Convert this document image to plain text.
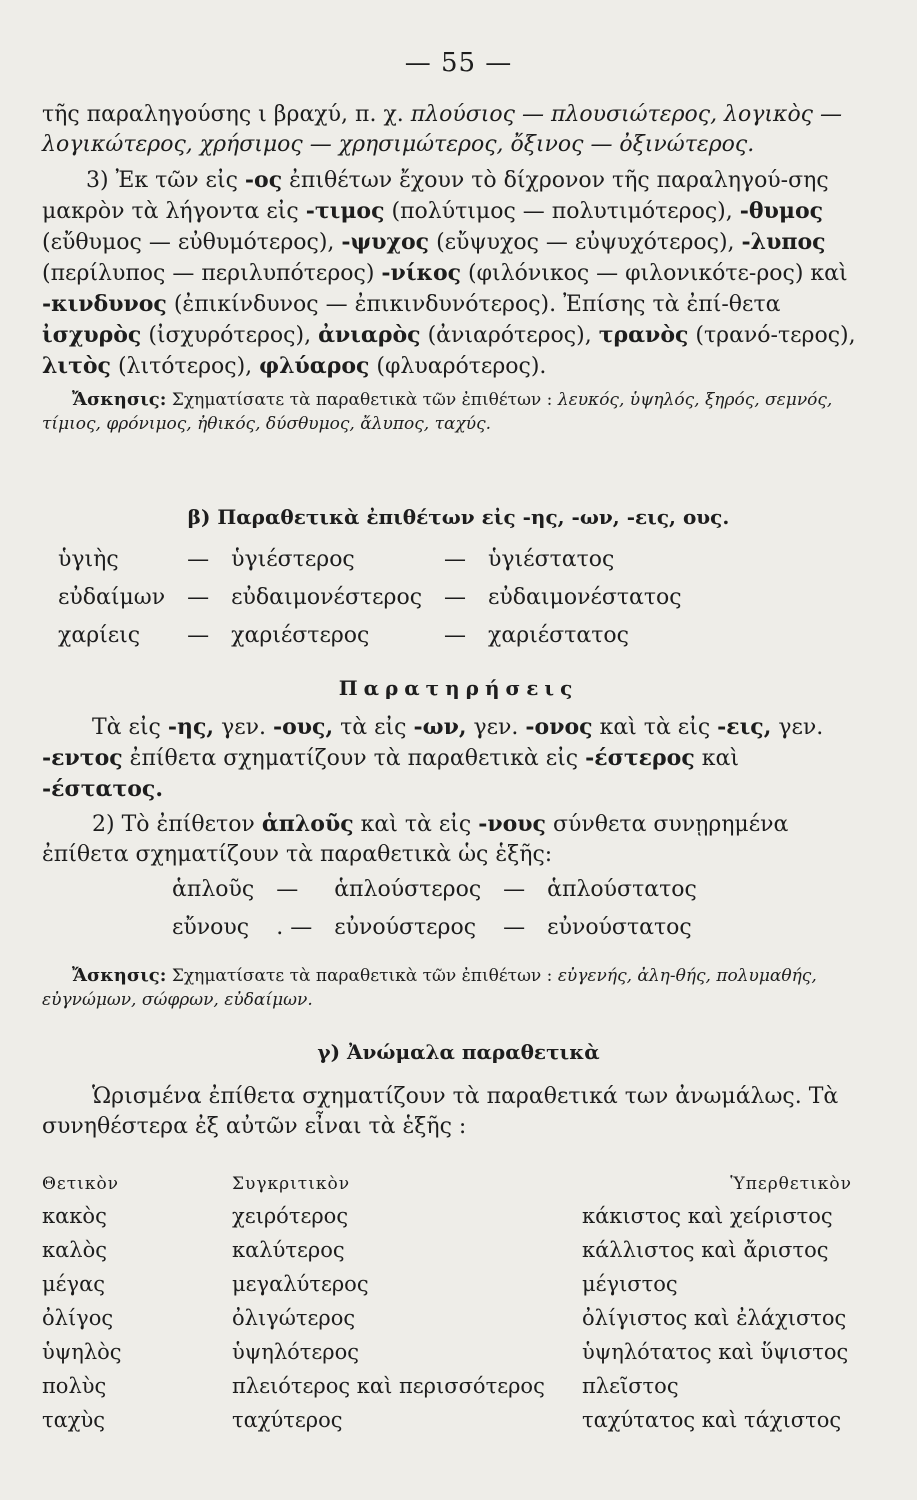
— 55 —

τῆς παραληγούσης ι βραχύ, π. χ. πλούσιος — πλουσιώτερος, λογικὸς — λογικώτερος, χρήσιμος — χρησιμώτερος, ὄξινος — ὀξινώτερος.

3) Ἐκ τῶν εἰς -ος ἐπιθέτων ἔχουν τὸ δίχρονον τῆς παραληγού-σης μακρὸν τὰ λήγοντα εἰς -τιμος (πολύτιμος — πολυτιμότερος), -θυμος (εὔθυμος — εὐθυμότερος), -ψυχος (εὔψυχος — εὐψυχότερος), -λυπος (περίλυπος — περιλυπότερος) -νίκος (φιλόνικος — φιλονικότε-ρος) καὶ -κινδυνος (ἐπικίνδυνος — ἐπικινδυνότερος). Ἐπίσης τὰ ἐπί-θετα ἰσχυρὸς (ἰσχυρότερος), ἀνιαρὸς (ἀνιαρότερος), τρανὸς (τρανό-τερος), λιτὸς (λιτότερος), φλύαρος (φλυαρότερος).

Ἄσκησις: Σχηματίσατε τὰ παραθετικὰ τῶν ἐπιθέτων : λευκός, ὑψηλός, ξηρός, σεμνός, τίμιος, φρόνιμος, ἠθικός, δύσθυμος, ἄλυπος, ταχύς.

β) Παραθετικὰ ἐπιθέτων εἰς -ης, -ων, -εις, ους.
ὑγιὴς	—	ὑγιέστερος	—	ὑγιέστατος
εὐδαίμων	—	εὐδαιμονέστερος	—	εὐδαιμονέστατος
χαρίεις	—	χαριέστερος	—	χαριέστατος
Παρατηρήσεις

Τὰ εἰς -ης, γεν. -ους, τὰ εἰς -ων, γεν. -ονος καὶ τὰ εἰς -εις, γεν. -εντος ἐπίθετα σχηματίζουν τὰ παραθετικὰ εἰς -έστερος καὶ -έστατος.

2) Τὸ ἐπίθετον ἁπλοῦς καὶ τὰ εἰς -νους σύνθετα συνῃρημένα ἐπίθετα σχηματίζουν τὰ παραθετικὰ ὡς ἑξῆς:

ἁπλοῦς	—	ἁπλούστερος	—	ἁπλούστατος
εὔνους	. —	εὐνούστερος	—	εὐνούστατος

Ἄσκησις: Σχηματίσατε τὰ παραθετικὰ τῶν ἐπιθέτων : εὐγενής, ἀλη-θής, πολυμαθής, εὐγνώμων, σώφρων, εὐδαίμων.

γ) Ἀνώμαλα παραθετικὰ

Ὡρισμένα ἐπίθετα σχηματίζουν τὰ παραθετικά των ἀνωμάλως. Τὰ συνηθέστερα ἐξ αὐτῶν εἶναι τὰ ἑξῆς :

Θετικὸν	Συγκριτικὸν	Ὑπερθετικὸν
κακὸς	χειρότερος	κάκιστος καὶ χείριστος
καλὸς	καλύτερος	κάλλιστος καὶ ἄριστος
μέγας	μεγαλύτερος	μέγιστος
ὀλίγος	ὀλιγώτερος	ὀλίγιστος καὶ ἐλάχιστος
ὑψηλὸς	ὑψηλότερος	ὑψηλότατος καὶ ὕψιστος
πολὺς	πλειότερος καὶ περισσότερος	πλεῖστος
ταχὺς	ταχύτερος	ταχύτατος καὶ τάχιστος
